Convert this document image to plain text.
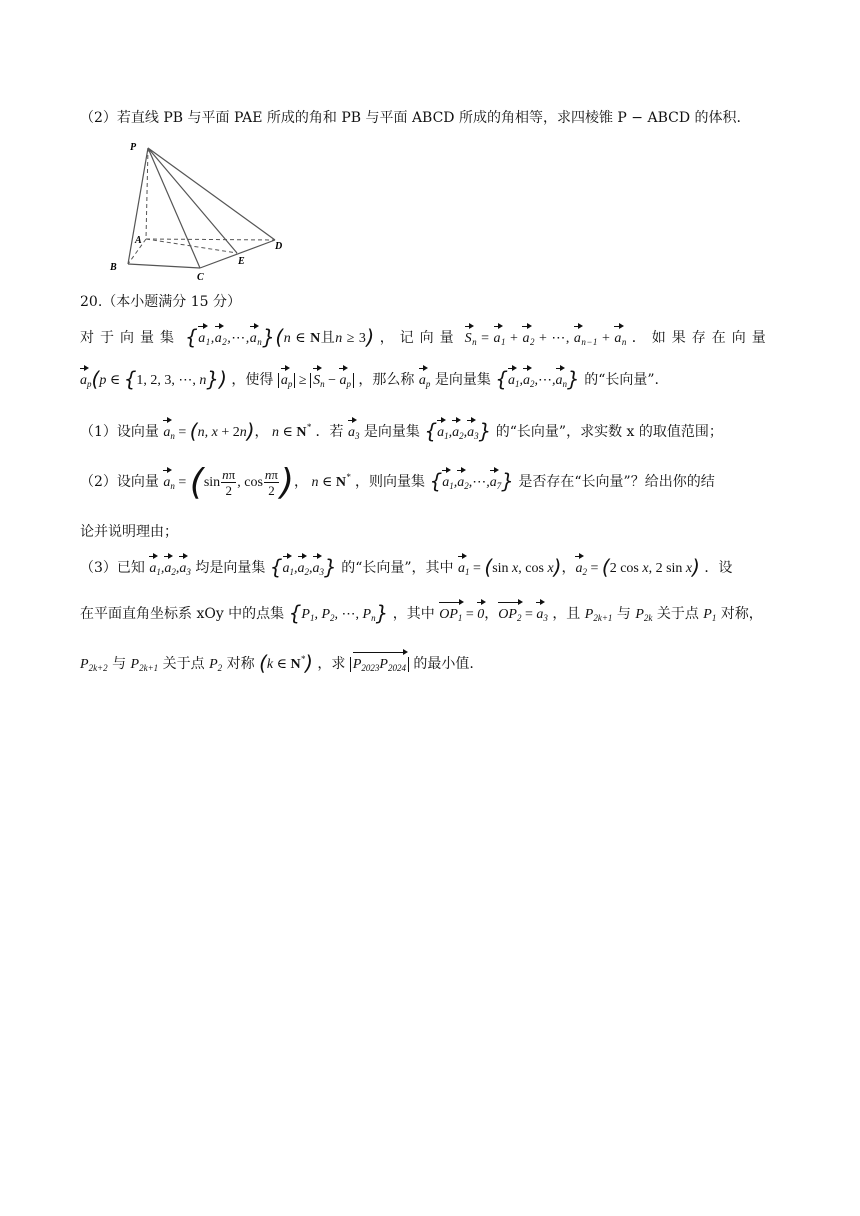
（2）若直线 PB 与平面 PAE 所成的角和 PB 与平面 ABCD 所成的角相等，求四棱锥 P − ABCD 的体积.
P
A
B
C
E
D
20.（本小题满分 15 分）
对于向量集 $\{a_1,a_2,\cdots,a_n\}(n$ ∈ N且n ≥ 3) ，记向量 $S_n = a_1 + a_2$ + ⋯, $a_{n-1} + a_n$ ．如果存在向量
$a_p(p$ ∈ {1, 2, 3, ⋯, n}) ，使得 $a_p \ge S_n - a_p$ ，那么称 $a_p$ 是向量集 $\{a_1,a_2,\cdots,a_n\}$ 的“长向量”.
（1）设向量 $a_n = (n$, x + 2n)， n ∈ N* ．若 $a_3$ 是向量集 $\{a_1,a_2,a_3\}$ 的“长向量”，求实数 x 的取值范围；
（2）设向量 $a_n = (\sin \frac{n\pi}{2}$ , $\cos \frac{n\pi}{2}$ )， n ∈ N* ，则向量集 $\{a_1,a_2,\cdots,a_7\}$ 是否存在“长向量”？给出你的结
论并说明理由；
（3）已知 $a_1,a_2,a_3$ 均是向量集 $\{a_1,a_2,a_3\}$ 的“长向量”，其中 $a_1 = (\sin$ x, cos x)，$a_2 = (2$ cos x, 2 sin x) ．设
在平面直角坐标系 xOy 中的点集 {$P_1$, $P_2$, ⋯, $P_n$} ，其中 $OP_1 = 0$，$OP_2 = a_3$ ，且 $P_{2k+1}$ 与 $P_{2k}$ 关于点 $P_1$ 对称，
$P_{2k+2}$ 与 $P_{2k+1}$ 关于点 $P_2$ 对称 (k ∈ N*) ，求 $P_{2023}P_{2024}$ 的最小值.
